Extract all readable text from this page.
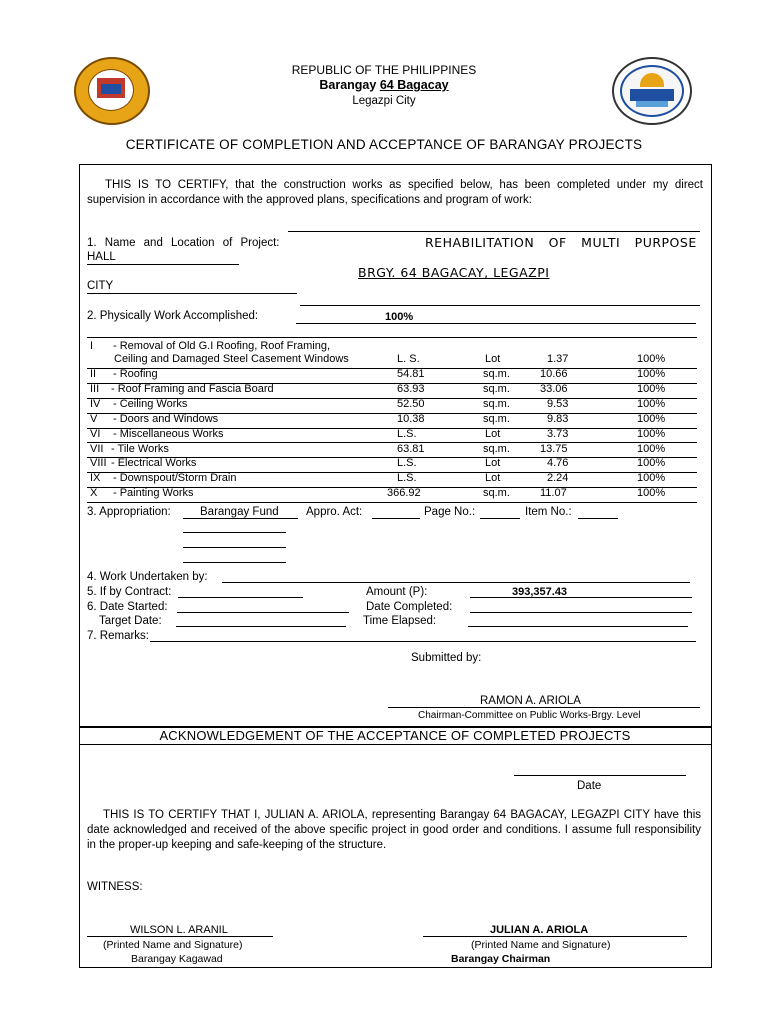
REPUBLIC OF THE PHILIPPINES
Barangay 64 Bagacay
Legazpi City
CERTIFICATE OF COMPLETION AND ACCEPTANCE OF BARANGAY PROJECTS
THIS IS TO CERTIFY, that the construction works as specified below, has been completed under my direct supervision in accordance with the approved plans, specifications and program of work:
1. Name and Location of Project:	REHABILITATION OF MULTI PURPOSE
HALL
BRGY. 64 BAGACAY, LEGAZPI
CITY
2. Physically Work Accomplished:	100%
I - Removal of Old G.I Roofing, Roof Framing,
Ceiling and Damaged Steel Casement Windows	L. S.	Lot	1.37	100%
II - Roofing	54.81	sq.m.	10.66	100%
III - Roof Framing and Fascia Board	63.93	sq.m.	33.06	100%
IV - Ceiling Works	52.50	sq.m.	9.53	100%
V - Doors and Windows	10.38	sq.m.	9.83	100%
VI - Miscellaneous Works	L.S.	Lot	3.73	100%
VII - Tile Works	63.81	sq.m.	13.75	100%
VIII - Electrical Works	L.S.	Lot	4.76	100%
IX - Downspout/Storm Drain	L.S.	Lot	2.24	100%
X - Painting Works	366.92	sq.m.	11.07	100%
3. Appropriation:	Barangay Fund Appro. Act:	Page No.:	Item No.:
4. Work Undertaken by:
5. If by Contract:	Amount (P):	393,357.43
6. Date Started:	Date Completed:
Target Date:	Time Elapsed:
7. Remarks:
Submitted by:
RAMON A. ARIOLA
Chairman-Committee on Public Works-Brgy. Level
ACKNOWLEDGEMENT OF THE ACCEPTANCE OF COMPLETED PROJECTS
Date
THIS IS TO CERTIFY THAT I, JULIAN A. ARIOLA, representing Barangay 64 BAGACAY, LEGAZPI CITY have this date acknowledged and received of the above specific project in good order and conditions. I assume full responsibility in the proper-up keeping and safe-keeping of the structure.
WITNESS:
WILSON L. ARANIL
(Printed Name and Signature)
Barangay Kagawad
JULIAN A. ARIOLA
(Printed Name and Signature)
Barangay Chairman
